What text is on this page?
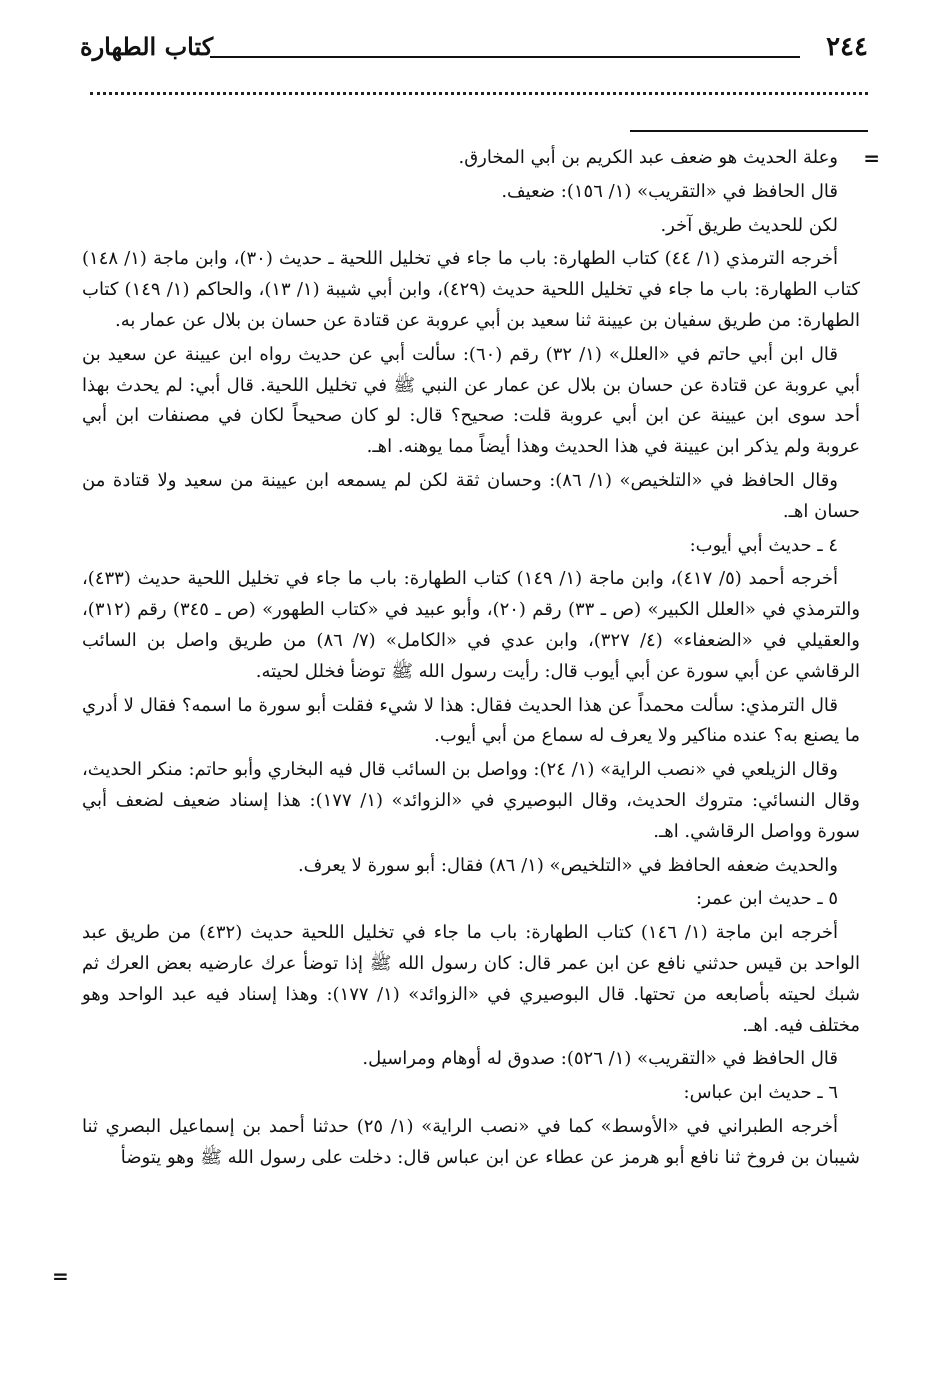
٢٤٤
كتاب الطهارة
=

وعلة الحديث هو ضعف عبد الكريم بن أبي المخارق.

قال الحافظ في «التقريب» (١/ ١٥٦): ضعيف.

لكن للحديث طريق آخر.

أخرجه الترمذي (١/ ٤٤) كتاب الطهارة: باب ما جاء في تخليل اللحية ـ حديث (٣٠)، وابن ماجة (١/ ١٤٨) كتاب الطهارة: باب ما جاء في تخليل اللحية حديث (٤٢٩)، وابن أبي شيبة (١/ ١٣)، والحاكم (١/ ١٤٩) كتاب الطهارة: من طريق سفيان بن عيينة ثنا سعيد بن أبي عروبة عن قتادة عن حسان بن بلال عن عمار به.

قال ابن أبي حاتم في «العلل» (١/ ٣٢) رقم (٦٠): سألت أبي عن حديث رواه ابن عيينة عن سعيد بن أبي عروبة عن قتادة عن حسان بن بلال عن عمار عن النبي ﷺ في تخليل اللحية. قال أبي: لم يحدث بهذا أحد سوى ابن عيينة عن ابن أبي عروبة قلت: صحيح؟ قال: لو كان صحيحاً لكان في مصنفات ابن أبي عروبة ولم يذكر ابن عيينة في هذا الحديث وهذا أيضاً مما يوهنه. اهـ.

وقال الحافظ في «التلخيص» (١/ ٨٦): وحسان ثقة لكن لم يسمعه ابن عيينة من سعيد ولا قتادة من حسان اهـ.

٤ ـ حديث أبي أيوب:

أخرجه أحمد (٥/ ٤١٧)، وابن ماجة (١/ ١٤٩) كتاب الطهارة: باب ما جاء في تخليل اللحية حديث (٤٣٣)، والترمذي في «العلل الكبير» (ص ـ ٣٣) رقم (٢٠)، وأبو عبيد في «كتاب الطهور» (ص ـ ٣٤٥) رقم (٣١٢)، والعقيلي في «الضعفاء» (٤/ ٣٢٧)، وابن عدي في «الكامل» (٧/ ٨٦) من طريق واصل بن السائب الرقاشي عن أبي سورة عن أبي أيوب قال: رأيت رسول الله ﷺ توضأ فخلل لحيته.

قال الترمذي: سألت محمداً عن هذا الحديث فقال: هذا لا شيء فقلت أبو سورة ما اسمه؟ فقال لا أدري ما يصنع به؟ عنده مناكير ولا يعرف له سماع من أبي أيوب.

وقال الزيلعي في «نصب الراية» (١/ ٢٤): وواصل بن السائب قال فيه البخاري وأبو حاتم: منكر الحديث، وقال النسائي: متروك الحديث، وقال البوصيري في «الزوائد» (١/ ١٧٧): هذا إسناد ضعيف لضعف أبي سورة وواصل الرقاشي. اهـ.

والحديث ضعفه الحافظ في «التلخيص» (١/ ٨٦) فقال: أبو سورة لا يعرف.

٥ ـ حديث ابن عمر:

أخرجه ابن ماجة (١/ ١٤٦) كتاب الطهارة: باب ما جاء في تخليل اللحية حديث (٤٣٢) من طريق عبد الواحد بن قيس حدثني نافع عن ابن عمر قال: كان رسول الله ﷺ إذا توضأ عرك عارضيه بعض العرك ثم شبك لحيته بأصابعه من تحتها. قال البوصيري في «الزوائد» (١/ ١٧٧): وهذا إسناد فيه عبد الواحد وهو مختلف فيه. اهـ.

قال الحافظ في «التقريب» (١/ ٥٢٦): صدوق له أوهام ومراسيل.

٦ ـ حديث ابن عباس:

أخرجه الطبراني في «الأوسط» كما في «نصب الراية» (١/ ٢٥) حدثنا أحمد بن إسماعيل البصري ثنا شيبان بن فروخ ثنا نافع أبو هرمز عن عطاء عن ابن عباس قال: دخلت على رسول الله ﷺ وهو يتوضأ

=
